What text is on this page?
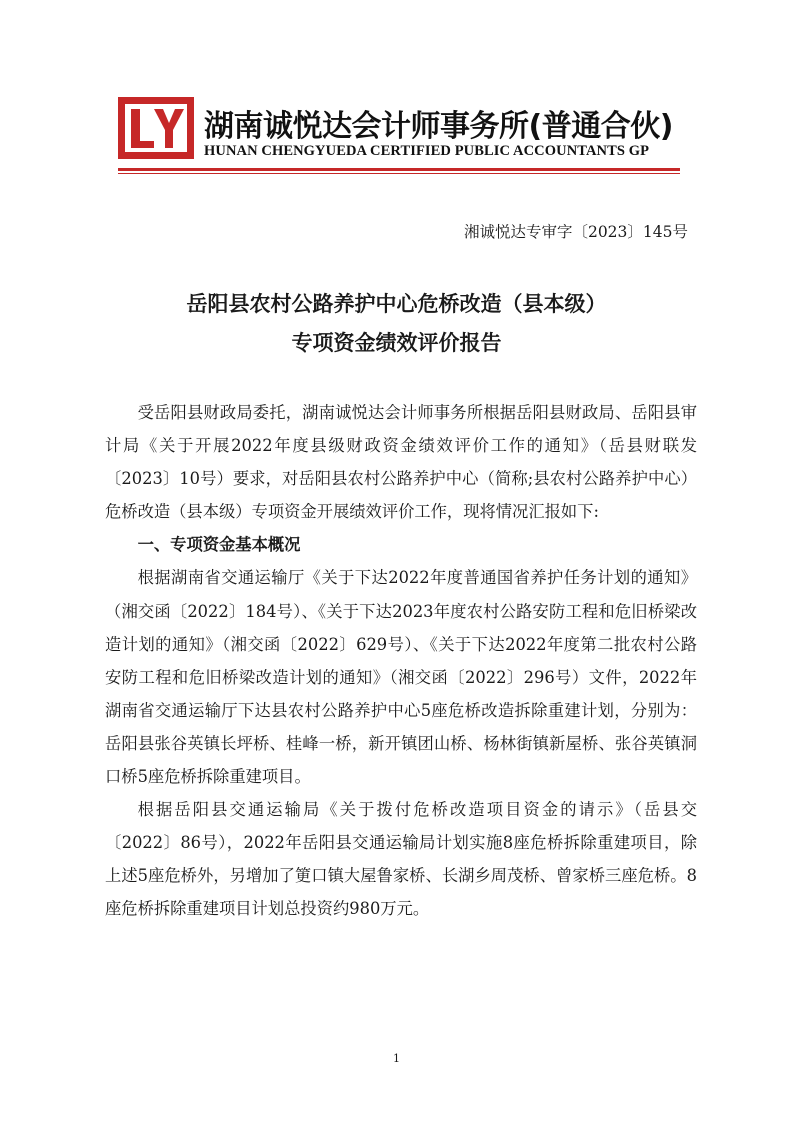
湖南诚悦达会计师事务所(普通合伙)
HUNAN CHENGYUEDA CERTIFIED PUBLIC ACCOUNTANTS GP
湘诚悦达专审字〔2023〕145号
岳阳县农村公路养护中心危桥改造（县本级）
专项资金绩效评价报告

受岳阳县财政局委托，湖南诚悦达会计师事务所根据岳阳县财政局、岳阳县审计局《关于开展2022年度县级财政资金绩效评价工作的通知》（岳县财联发〔2023〕10号）要求，对岳阳县农村公路养护中心（简称;县农村公路养护中心）危桥改造（县本级）专项资金开展绩效评价工作，现将情况汇报如下:

一、专项资金基本概况

根据湖南省交通运输厅《关于下达2022年度普通国省养护任务计划的通知》（湘交函〔2022〕184号）、《关于下达2023年度农村公路安防工程和危旧桥梁改造计划的通知》（湘交函〔2022〕629号）、《关于下达2022年度第二批农村公路安防工程和危旧桥梁改造计划的通知》（湘交函〔2022〕296号）文件，2022年湖南省交通运输厅下达县农村公路养护中心5座危桥改造拆除重建计划，分别为：岳阳县张谷英镇长坪桥、桂峰一桥，新开镇团山桥、杨林街镇新屋桥、张谷英镇洞口桥5座危桥拆除重建项目。

根据岳阳县交通运输局《关于拨付危桥改造项目资金的请示》（岳县交〔2022〕86号），2022年岳阳县交通运输局计划实施8座危桥拆除重建项目，除上述5座危桥外，另增加了筻口镇大屋鲁家桥、长湖乡周茂桥、曾家桥三座危桥。8座危桥拆除重建项目计划总投资约980万元。

1
